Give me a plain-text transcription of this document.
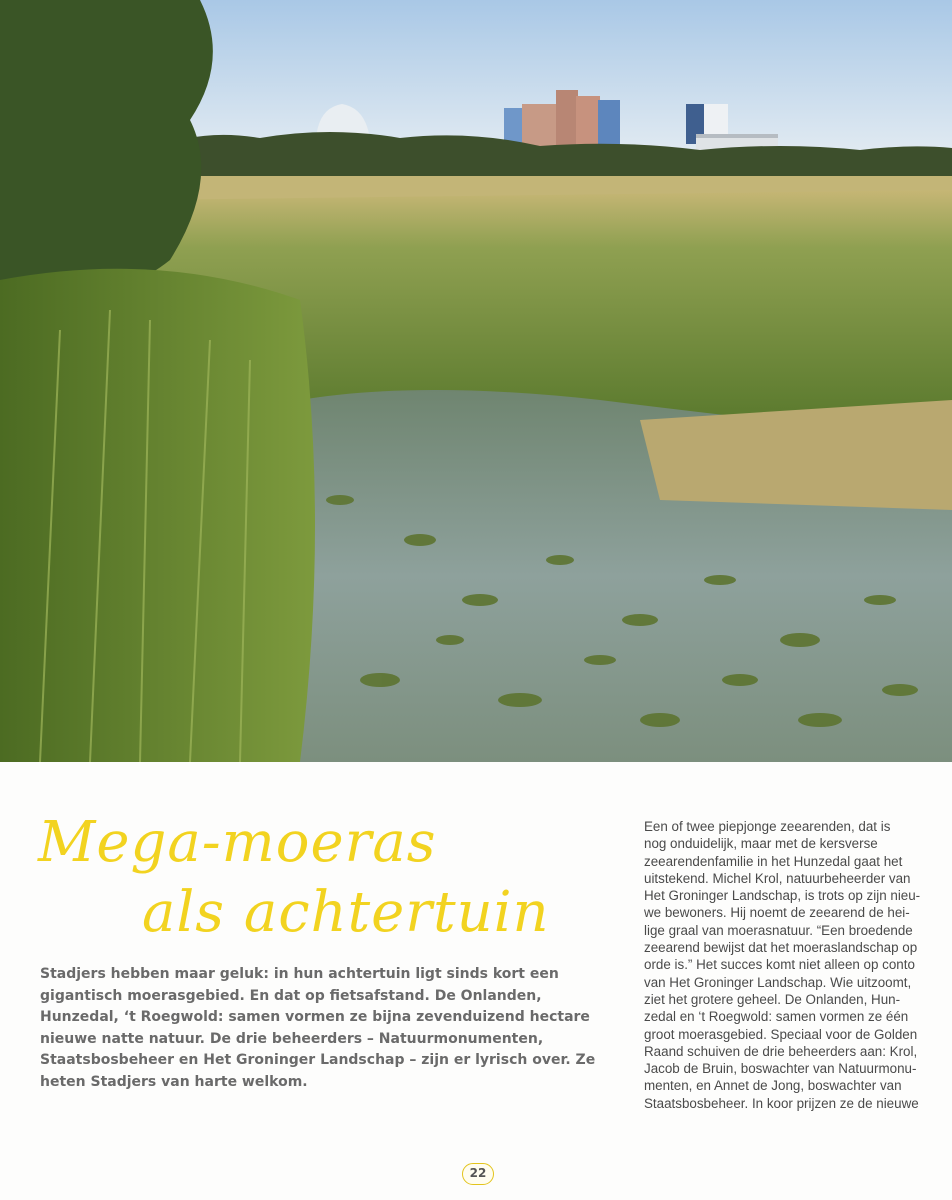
Mega-moeras
als achtertuin

Stadjers hebben maar geluk: in hun achtertuin ligt sinds kort een gigantisch moerasgebied. En dat op fietsafstand. De Onlanden, Hunzedal, ‘t Roegwold: samen vormen ze bijna zevenduizend hectare nieuwe natte natuur. De drie beheerders – Natuurmonumenten, Staatsbosbeheer en Het Groninger Landschap – zijn er lyrisch over. Ze heten Stadjers van harte welkom.

Een of twee piepjonge zeearenden, dat is
nog onduidelijk, maar met de kersverse
zeearendenfamilie in het Hunzedal gaat het
uitstekend. Michel Krol, natuurbeheerder van
Het Groninger Landschap, is trots op zijn nieu-
we bewoners. Hij noemt de zeearend de hei-
lige graal van moerasnatuur. “Een broedende
zeearend bewijst dat het moeraslandschap op
orde is.” Het succes komt niet alleen op conto
van Het Groninger Landschap. Wie uitzoomt,
ziet het grotere geheel. De Onlanden, Hun-
zedal en ‘t Roegwold: samen vormen ze één
groot moerasgebied. Speciaal voor de Golden
Raand schuiven de drie beheerders aan: Krol,
Jacob de Bruin, boswachter van Natuurmonu-
menten, en Annet de Jong, boswachter van
Staatsbosbeheer. In koor prijzen ze de nieuwe
22
